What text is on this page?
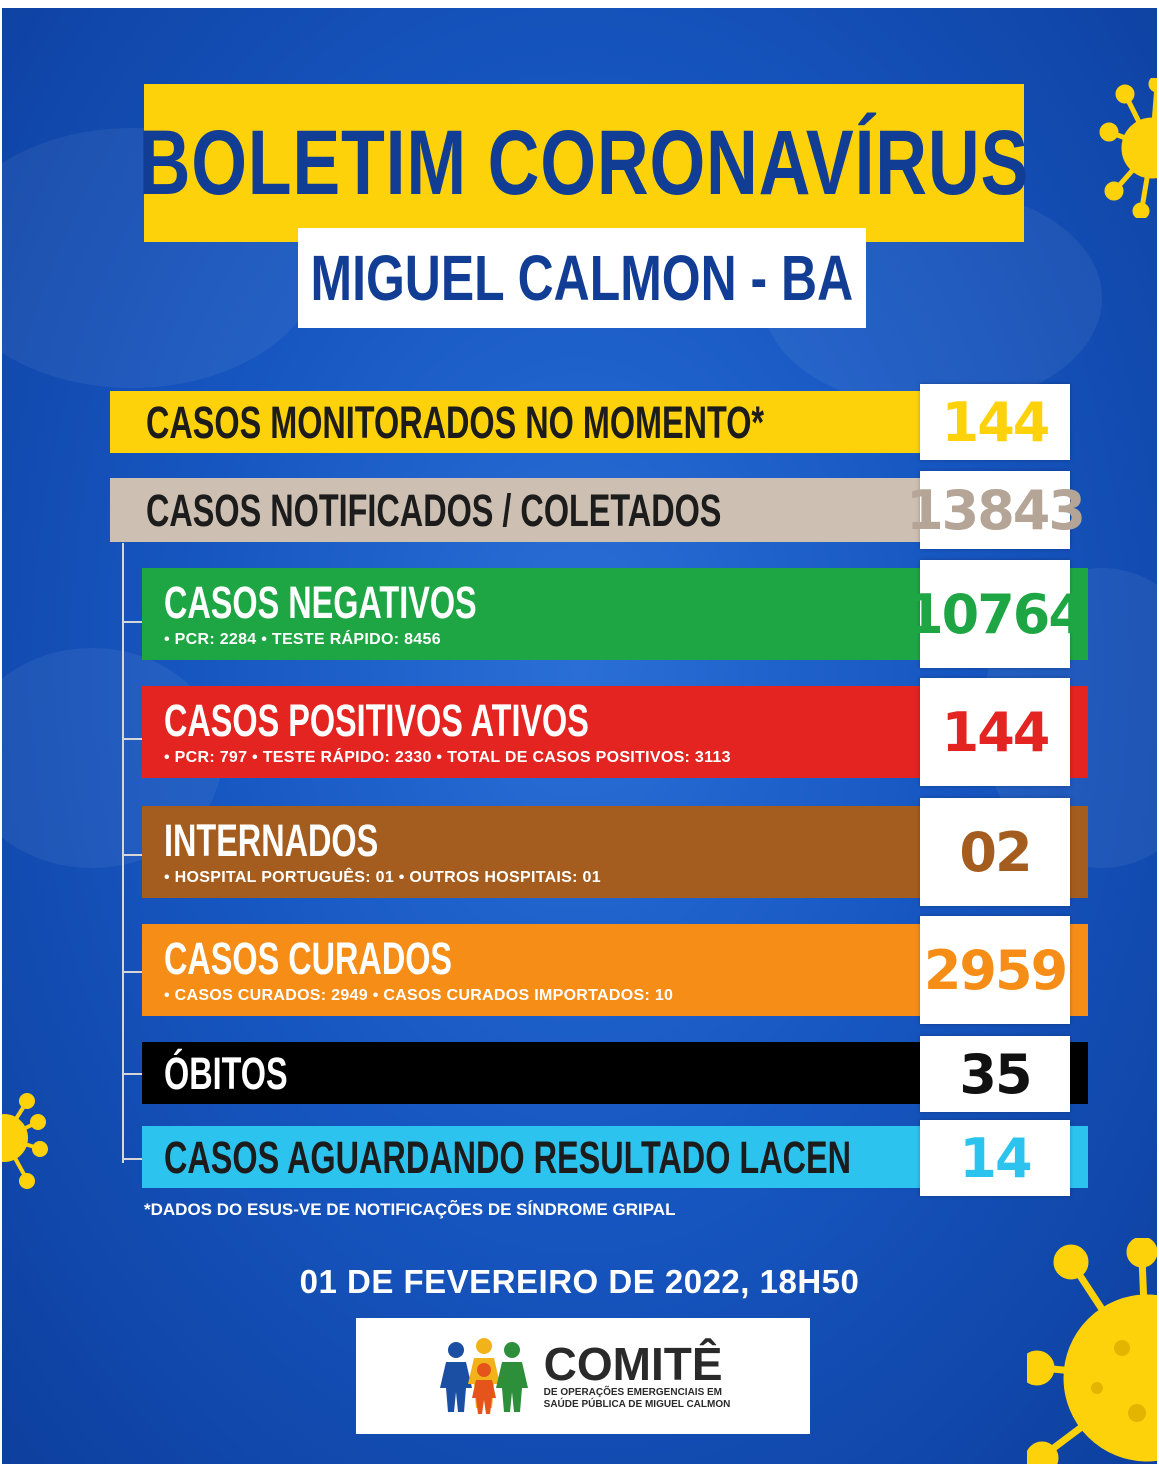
BOLETIM CORONAVÍRUS
MIGUEL CALMON - BA
CASOS MONITORADOS NO MOMENTO*	144
CASOS NOTIFICADOS / COLETADOS	13843
CASOS NEGATIVOS
• PCR: 2284 • TESTE RÁPIDO: 8456	10764
CASOS POSITIVOS ATIVOS
• PCR: 797 • TESTE RÁPIDO: 2330 • TOTAL DE CASOS POSITIVOS: 3113	144
INTERNADOS
• HOSPITAL PORTUGUÊS: 01 • OUTROS HOSPITAIS: 01	02
CASOS CURADOS
• CASOS CURADOS: 2949 • CASOS CURADOS IMPORTADOS: 10	2959
ÓBITOS	35
CASOS AGUARDANDO RESULTADO LACEN 14
*DADOS DO ESUS-VE DE NOTIFICAÇÕES DE SÍNDROME GRIPAL
01 DE FEVEREIRO DE 2022, 18H50
COMITÊ
DE OPERAÇÕES EMERGENCIAIS EM
SAÚDE PÚBLICA DE MIGUEL CALMON
